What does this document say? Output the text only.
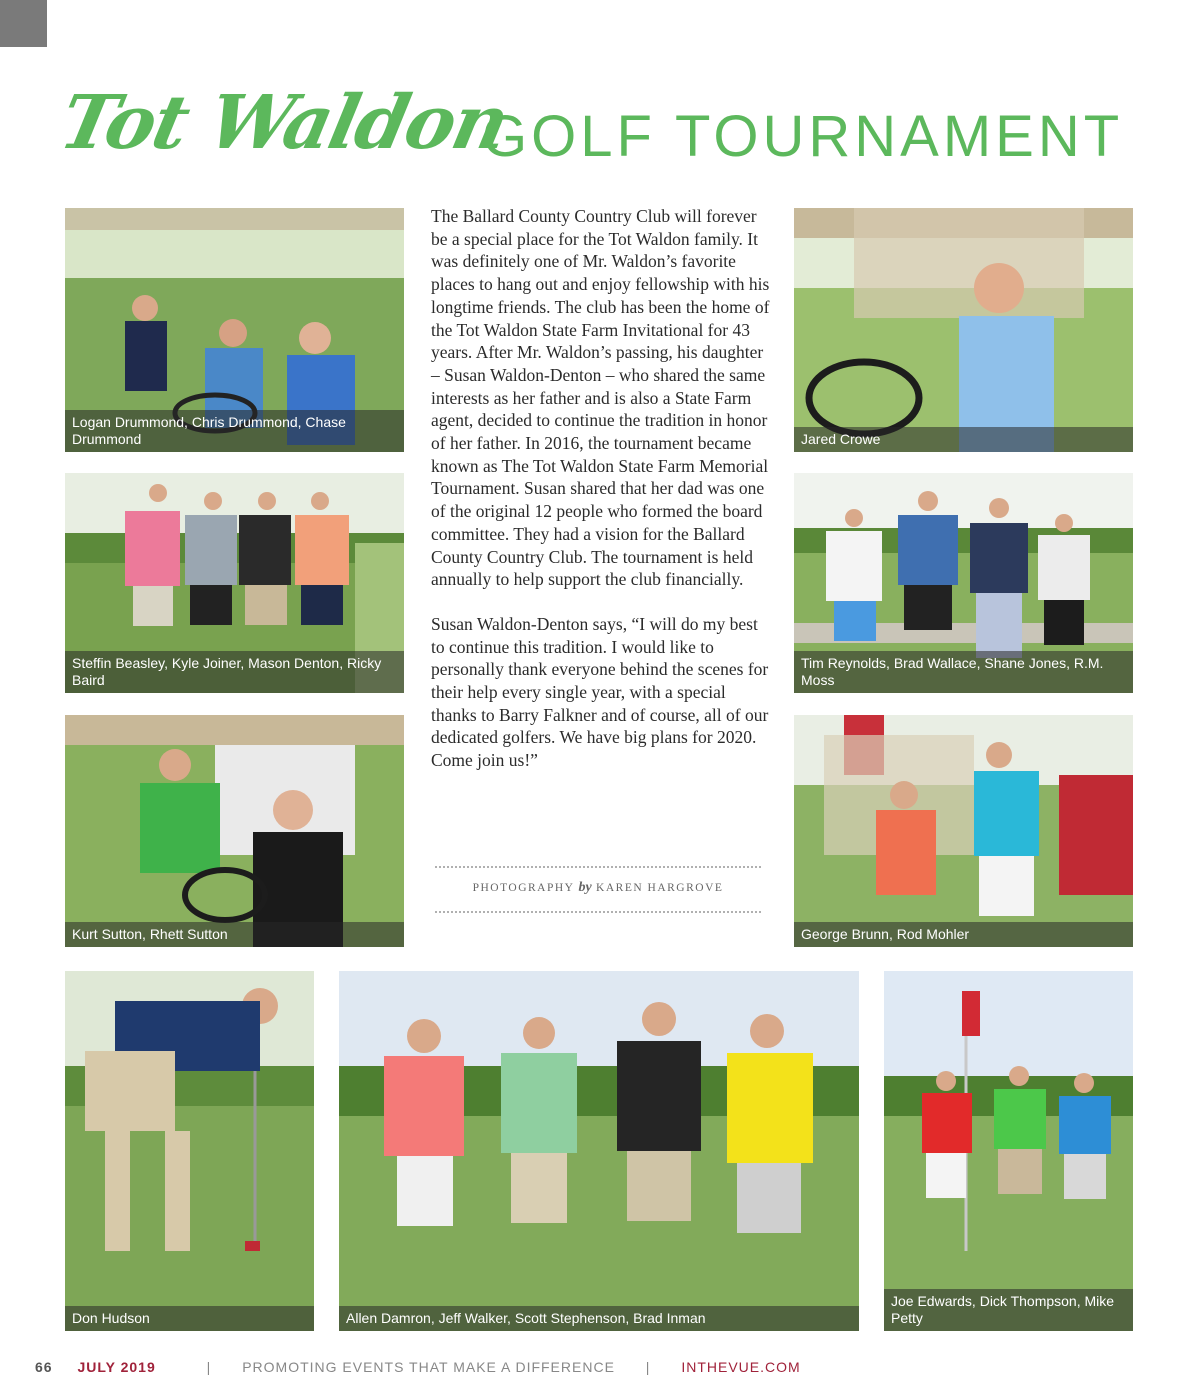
Tot Waldon
GOLF TOURNAMENT
Logan Drummond, Chris Drummond, Chase Drummond	Jared Crowe
Steffin Beasley, Kyle Joiner, Mason Denton, Ricky Baird
Tim Reynolds, Brad Wallace, Shane Jones, R.M. Moss
Kurt Sutton, Rhett Sutton	George Brunn, Rod Mohler
Don Hudson	Allen Damron, Jeff Walker, Scott Stephenson, Brad Inman
Joe Edwards, Dick Thompson, Mike Petty

The Ballard County Country Club will forever be a special place for the Tot Waldon family. It was definitely one of Mr. Waldon’s favorite places to hang out and enjoy fellowship with his longtime friends. The club has been the home of the Tot Waldon State Farm Invitational for 43 years. After Mr. Waldon’s passing, his daughter – Susan Waldon-Denton – who shared the same interests as her father and is also a State Farm agent, decided to continue the tradition in honor of her father. In 2016, the tournament became known as The Tot Waldon State Farm Memorial Tournament. Susan shared that her dad was one of the original 12 people who formed the board committee. They had a vision for the Ballard County Country Club. The tournament is held annually to help support the club financially.

Susan Waldon-Denton says, “I will do my best to continue this tradition. I would like to personally thank everyone behind the scenes for their help every single year, with a special thanks to Barry Falkner and of course, all of our dedicated golfers. We have big plans for 2020. Come join us!”

PHOTOGRAPHY by KAREN HARGROVE
66 JULY 2019	| PROMOTING EVENTS THAT MAKE A DIFFERENCE | INTHEVUE.COM
